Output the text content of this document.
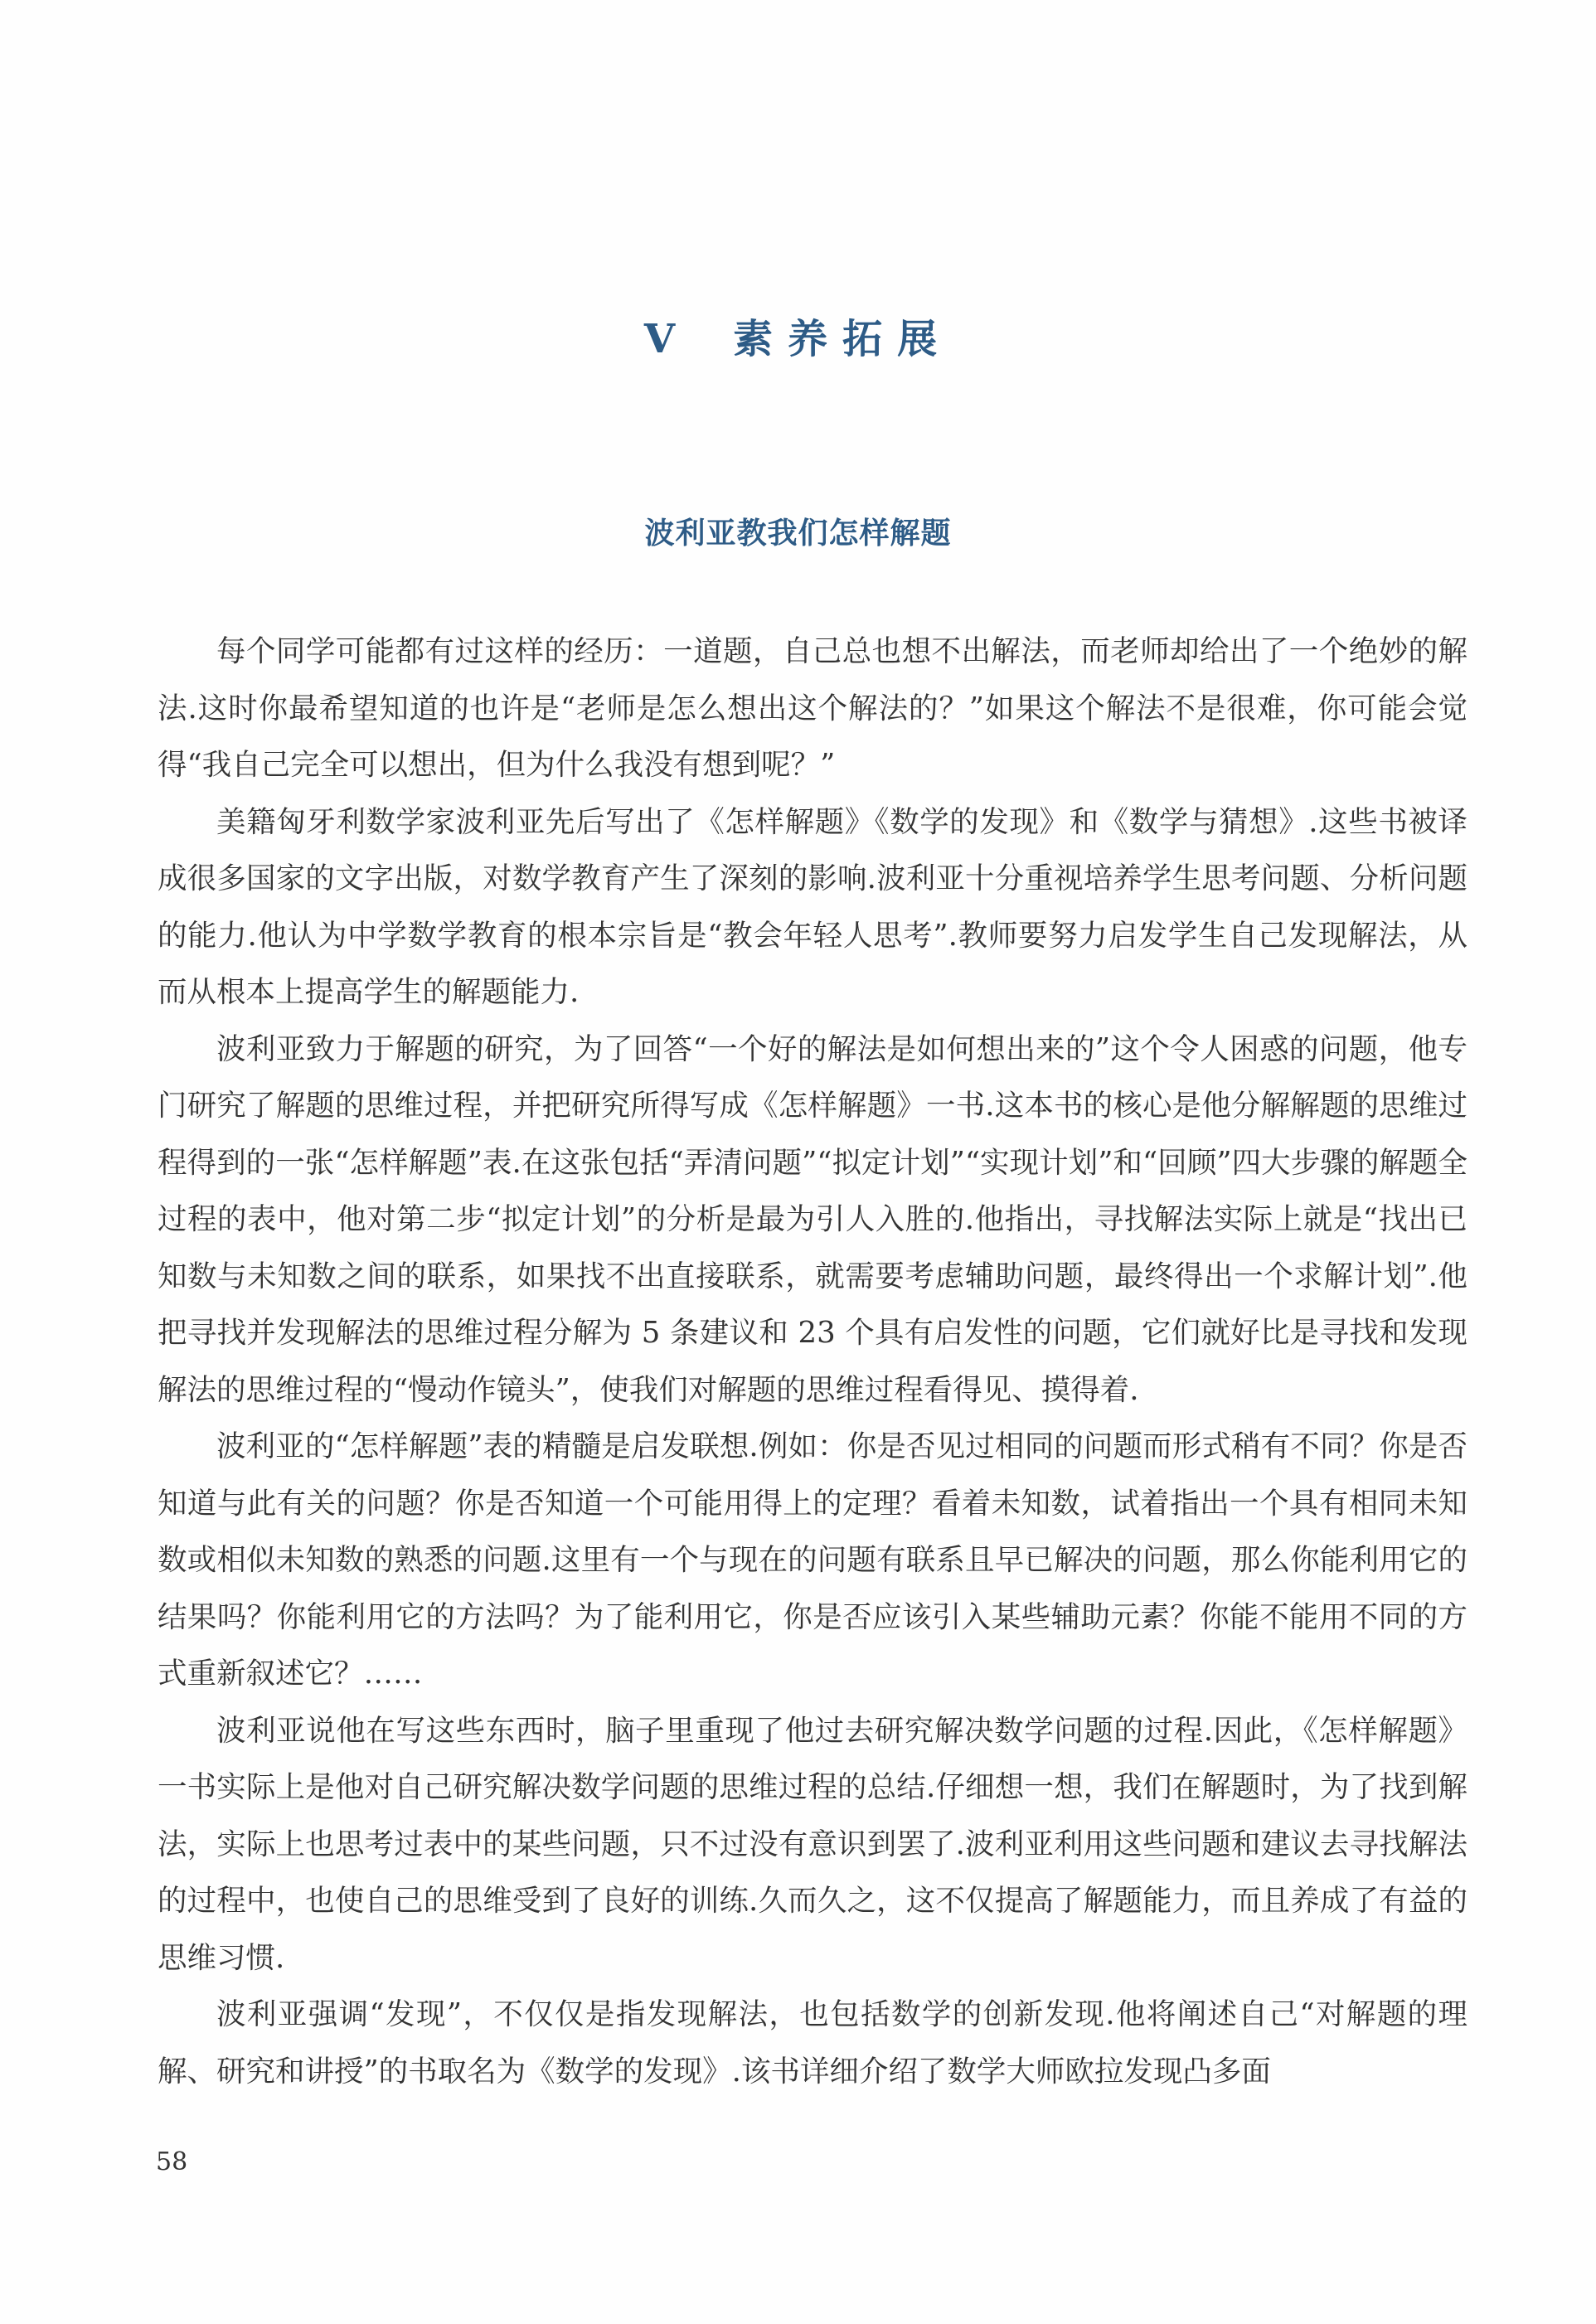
V 素养拓展
波利亚教我们怎样解题

每个同学可能都有过这样的经历：一道题，自己总也想不出解法，而老师却给出了一个绝妙的解法.这时你最希望知道的也许是“老师是怎么想出这个解法的？”如果这个解法不是很难，你可能会觉得“我自己完全可以想出，但为什么我没有想到呢？”

美籍匈牙利数学家波利亚先后写出了《怎样解题》《数学的发现》和《数学与猜想》.这些书被译成很多国家的文字出版，对数学教育产生了深刻的影响.波利亚十分重视培养学生思考问题、分析问题的能力.他认为中学数学教育的根本宗旨是“教会年轻人思考”.教师要努力启发学生自己发现解法，从而从根本上提高学生的解题能力.

波利亚致力于解题的研究，为了回答“一个好的解法是如何想出来的”这个令人困惑的问题，他专门研究了解题的思维过程，并把研究所得写成《怎样解题》一书.这本书的核心是他分解解题的思维过程得到的一张“怎样解题”表.在这张包括“弄清问题”“拟定计划”“实现计划”和“回顾”四大步骤的解题全过程的表中，他对第二步“拟定计划”的分析是最为引人入胜的.他指出，寻找解法实际上就是“找出已知数与未知数之间的联系，如果找不出直接联系，就需要考虑辅助问题，最终得出一个求解计划”.他把寻找并发现解法的思维过程分解为 5 条建议和 23 个具有启发性的问题，它们就好比是寻找和发现解法的思维过程的“慢动作镜头”，使我们对解题的思维过程看得见、摸得着.

波利亚的“怎样解题”表的精髓是启发联想.例如：你是否见过相同的问题而形式稍有不同？你是否知道与此有关的问题？你是否知道一个可能用得上的定理？看着未知数，试着指出一个具有相同未知数或相似未知数的熟悉的问题.这里有一个与现在的问题有联系且早已解决的问题，那么你能利用它的结果吗？你能利用它的方法吗？为了能利用它，你是否应该引入某些辅助元素？你能不能用不同的方式重新叙述它？……

波利亚说他在写这些东西时，脑子里重现了他过去研究解决数学问题的过程.因此，《怎样解题》一书实际上是他对自己研究解决数学问题的思维过程的总结.仔细想一想，我们在解题时，为了找到解法，实际上也思考过表中的某些问题，只不过没有意识到罢了.波利亚利用这些问题和建议去寻找解法的过程中，也使自己的思维受到了良好的训练.久而久之，这不仅提高了解题能力，而且养成了有益的思维习惯.

波利亚强调“发现”，不仅仅是指发现解法，也包括数学的创新发现.他将阐述自己“对解题的理解、研究和讲授”的书取名为《数学的发现》.该书详细介绍了数学大师欧拉发现凸多面

58
